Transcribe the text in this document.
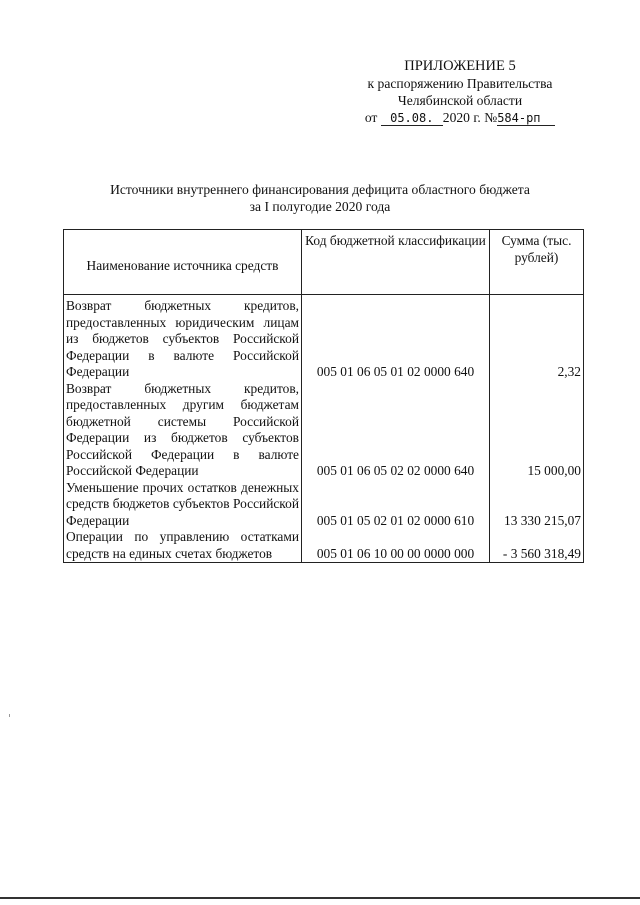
ПРИЛОЖЕНИЕ 5
к распоряжению Правительства
Челябинской области
от
	05.08. 2020 г. № 584-рп
Источники внутреннего финансирования дефицита областного бюджета
за I полугодие 2020 года
Наименование источника средств	Код бюджетной классификации	Сумма (тыс. рублей)
Возврат бюджетных кредитов, предоставленных юридическим лицам из бюджетов субъектов Российской Федерации в валюте Российской Федерации	005 01 06 05 01 02 0000 640	2,32
Возврат бюджетных кредитов, предоставленных другим бюджетам бюджетной системы Российской Федерации из бюджетов субъектов Российской Федерации в валюте Российской Федерации	005 01 06 05 02 02 0000 640	15 000,00
Уменьшение прочих остатков денежных средств бюджетов субъектов Российской Федерации	005 01 05 02 01 02 0000 610	13 330 215,07
Операции по управлению остатками средств на единых счетах бюджетов	005 01 06 10 00 00 0000 000	- 3 560 318,49
